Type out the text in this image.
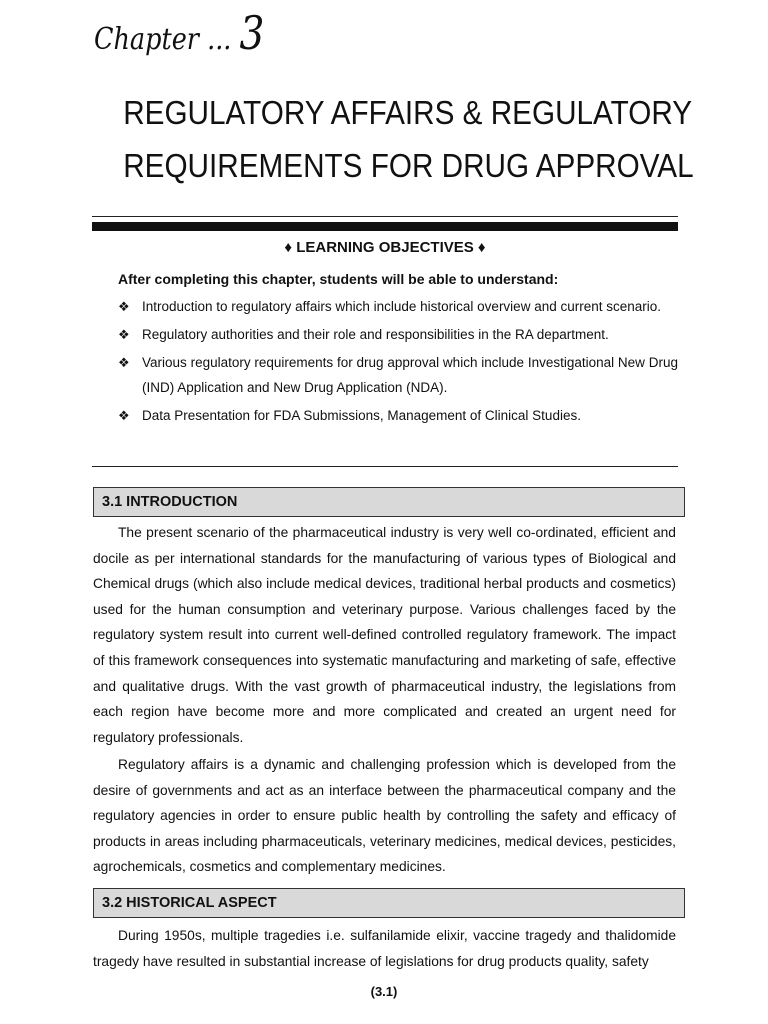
Chapter ... 3
REGULATORY AFFAIRS & REGULATORY
REQUIREMENTS FOR DRUG APPROVAL
♦ LEARNING OBJECTIVES ♦
After completing this chapter, students will be able to understand:
❖ Introduction to regulatory affairs which include historical overview and current scenario.
❖ Regulatory authorities and their role and responsibilities in the RA department.
❖ Various regulatory requirements for drug approval which include Investigational New Drug (IND) Application and New Drug Application (NDA).
❖ Data Presentation for FDA Submissions, Management of Clinical Studies.
3.1 INTRODUCTION

The present scenario of the pharmaceutical industry is very well co-ordinated, efficient and docile as per international standards for the manufacturing of various types of Biological and Chemical drugs (which also include medical devices, traditional herbal products and cosmetics) used for the human consumption and veterinary purpose. Various challenges faced by the regulatory system result into current well-defined controlled regulatory framework. The impact of this framework consequences into systematic manufacturing and marketing of safe, effective and qualitative drugs. With the vast growth of pharmaceutical industry, the legislations from each region have become more and more complicated and created an urgent need for regulatory professionals.

Regulatory affairs is a dynamic and challenging profession which is developed from the desire of governments and act as an interface between the pharmaceutical company and the regulatory agencies in order to ensure public health by controlling the safety and efficacy of products in areas including pharmaceuticals, veterinary medicines, medical devices, pesticides, agrochemicals, cosmetics and complementary medicines.

3.2 HISTORICAL ASPECT

During 1950s, multiple tragedies i.e. sulfanilamide elixir, vaccine tragedy and thalidomide tragedy have resulted in substantial increase of legislations for drug products quality, safety

(3.1)
